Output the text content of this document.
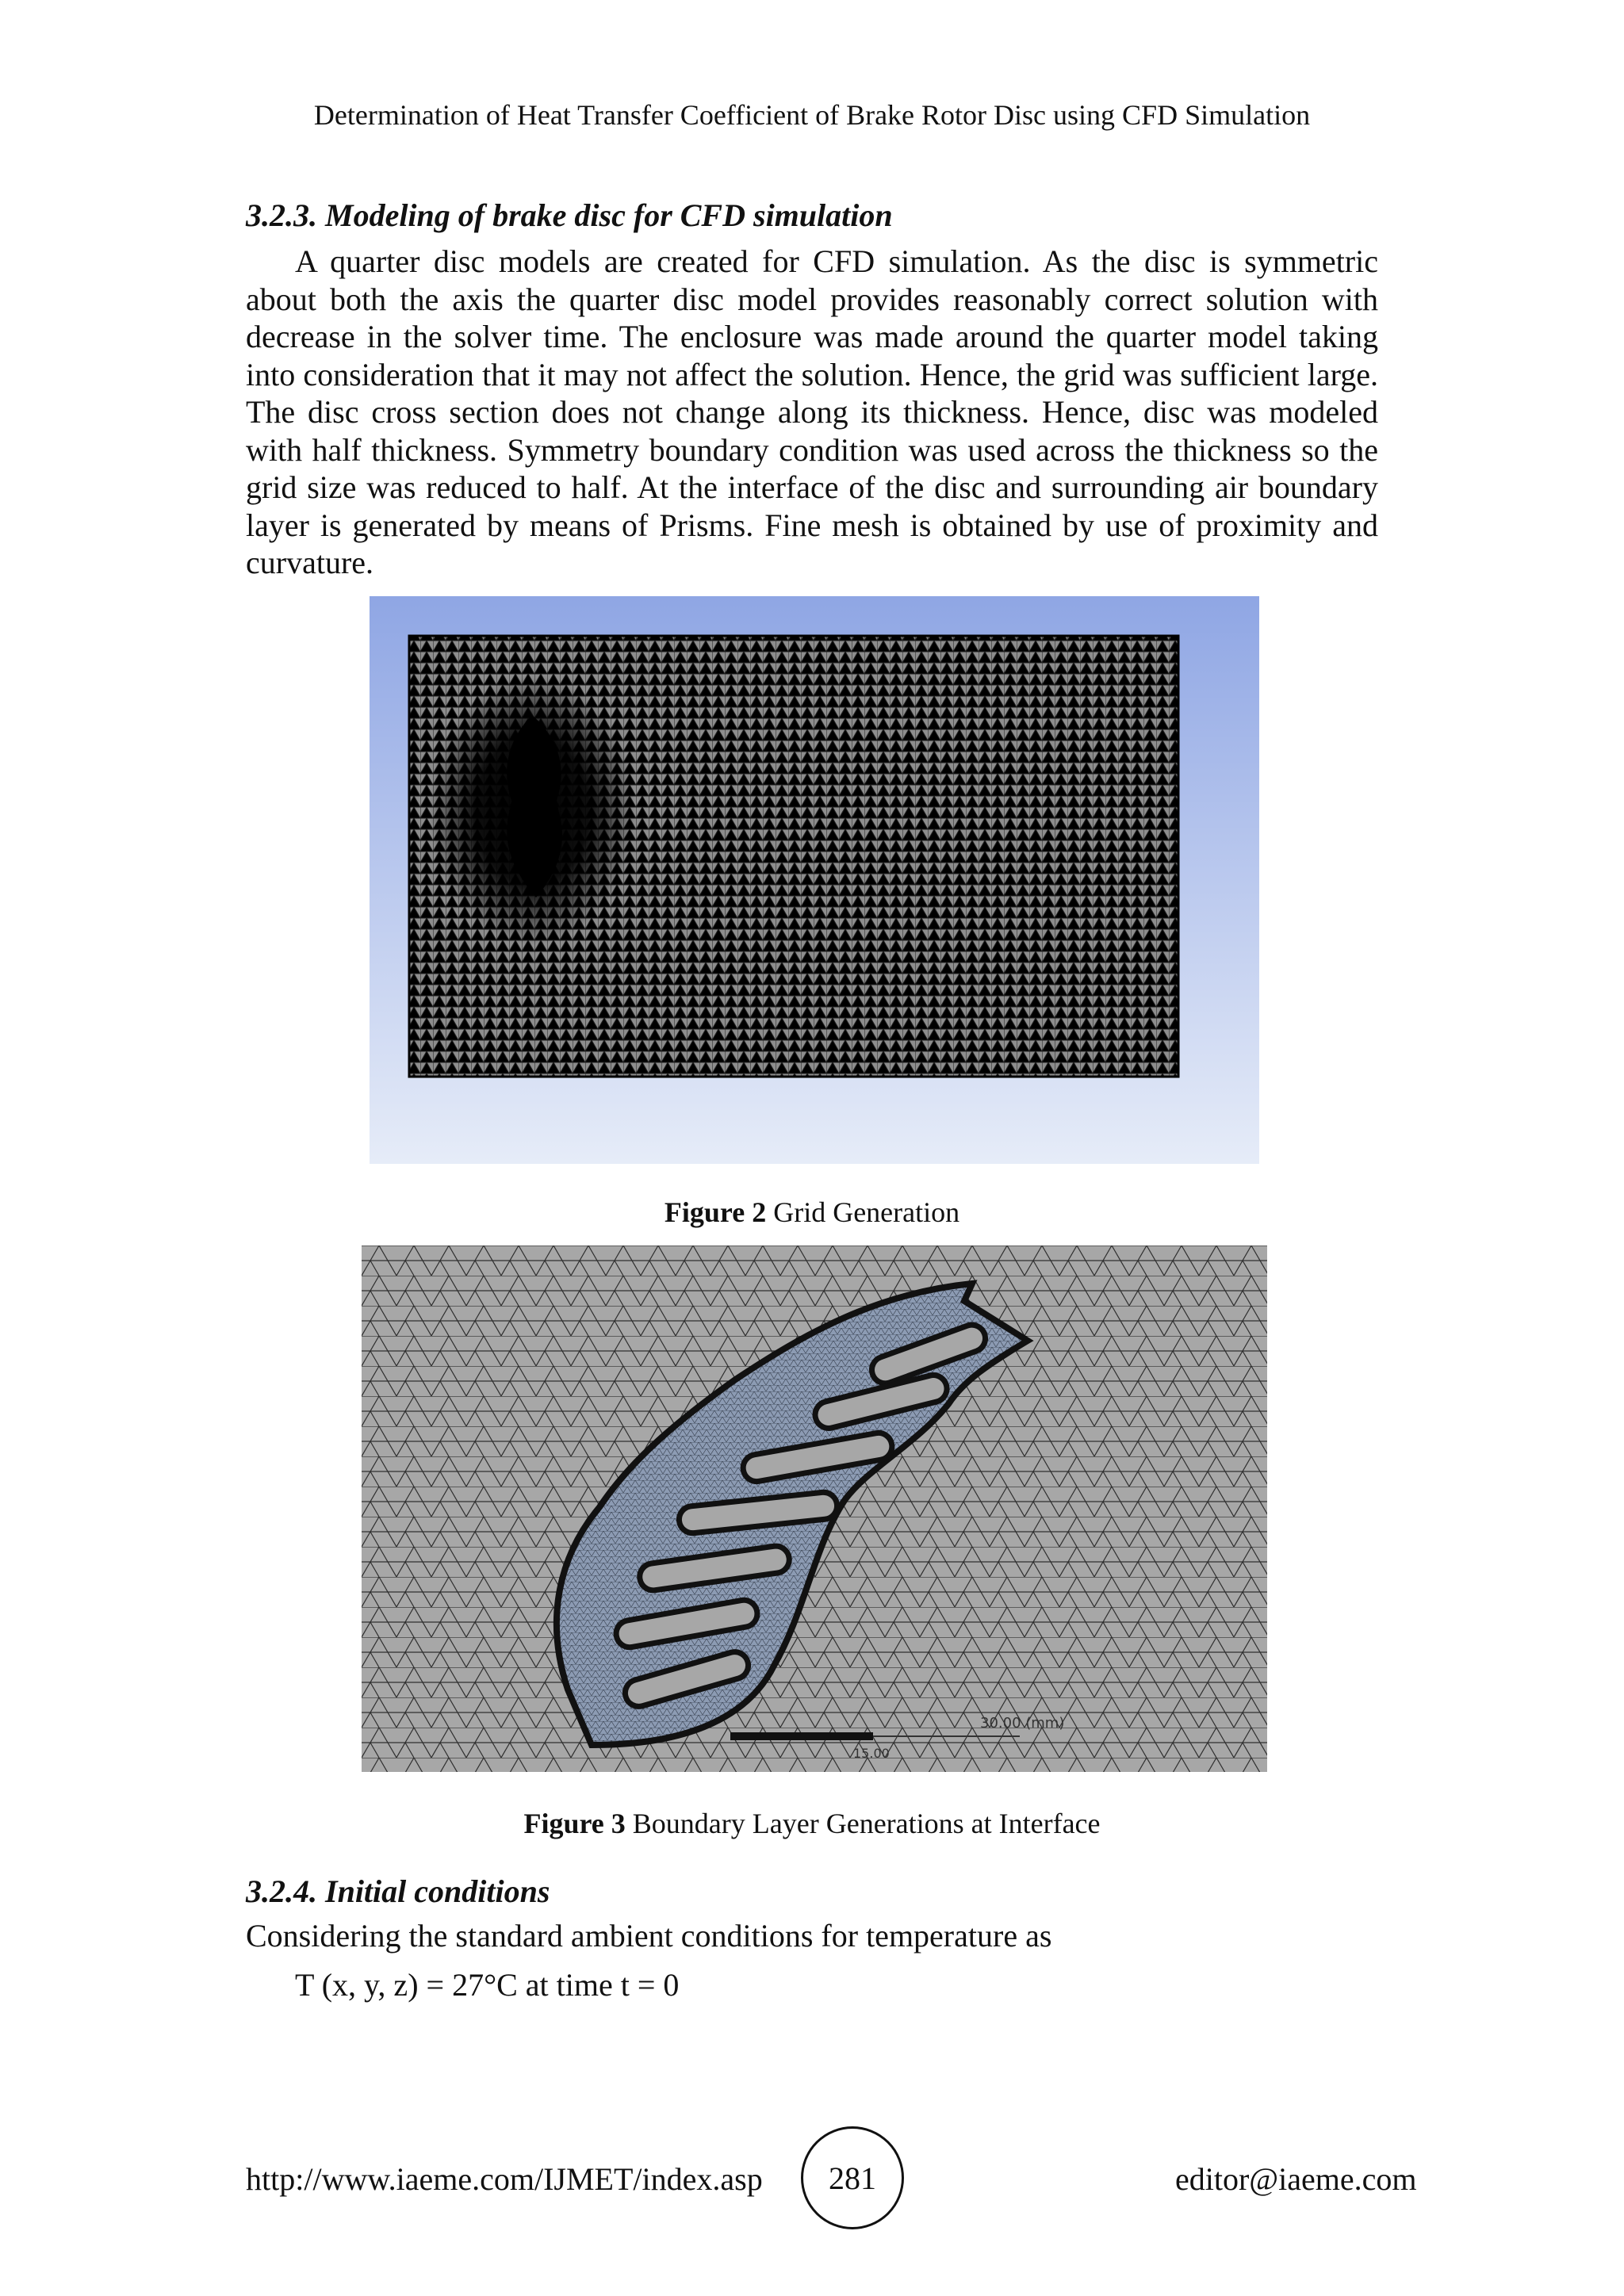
Determination of Heat Transfer Coefficient of Brake Rotor Disc using CFD Simulation
3.2.3. Modeling of brake disc for CFD simulation

A quarter disc models are created for CFD simulation. As the disc is symmetric about both the axis the quarter disc model provides reasonably correct solution with decrease in the solver time. The enclosure was made around the quarter model taking into consideration that it may not affect the solution. Hence, the grid was sufficient large. The disc cross section does not change along its thickness. Hence, disc was modeled with half thickness. Symmetry boundary condition was used across the thickness so the grid size was reduced to half. At the interface of the disc and surrounding air boundary layer is generated by means of Prisms. Fine mesh is obtained by use of proximity and curvature.

Figure 2 Grid Generation
30.00 (mm)
15.00
Figure 3 Boundary Layer Generations at Interface
3.2.4. Initial conditions
Considering the standard ambient conditions for temperature as
T (x, y, z) = 27°C at time t = 0
http://www.iaeme.com/IJMET/index.asp	281	editor@iaeme.com
